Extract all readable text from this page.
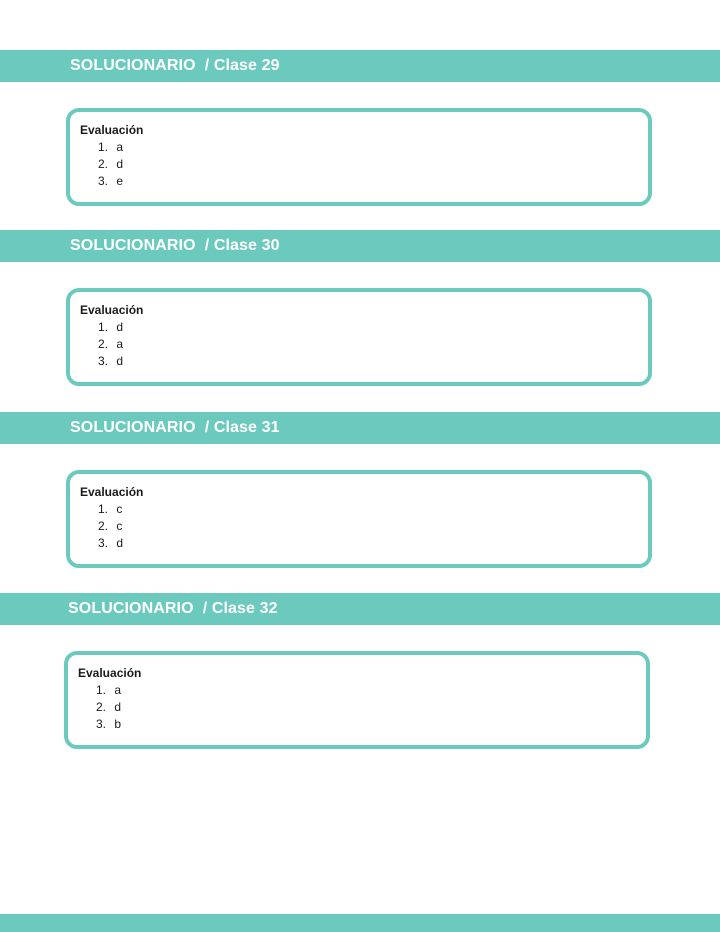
SOLUCIONARIO
/ Clase 29
Evaluación
1. a
2. d
3. e
SOLUCIONARIO
/ Clase 30
Evaluación
1. d
2. a
3. d
SOLUCIONARIO
/ Clase 31
Evaluación
1. c
2. c
3. d
SOLUCIONARIO
/ Clase 32
Evaluación
1. a
2. d
3. b
